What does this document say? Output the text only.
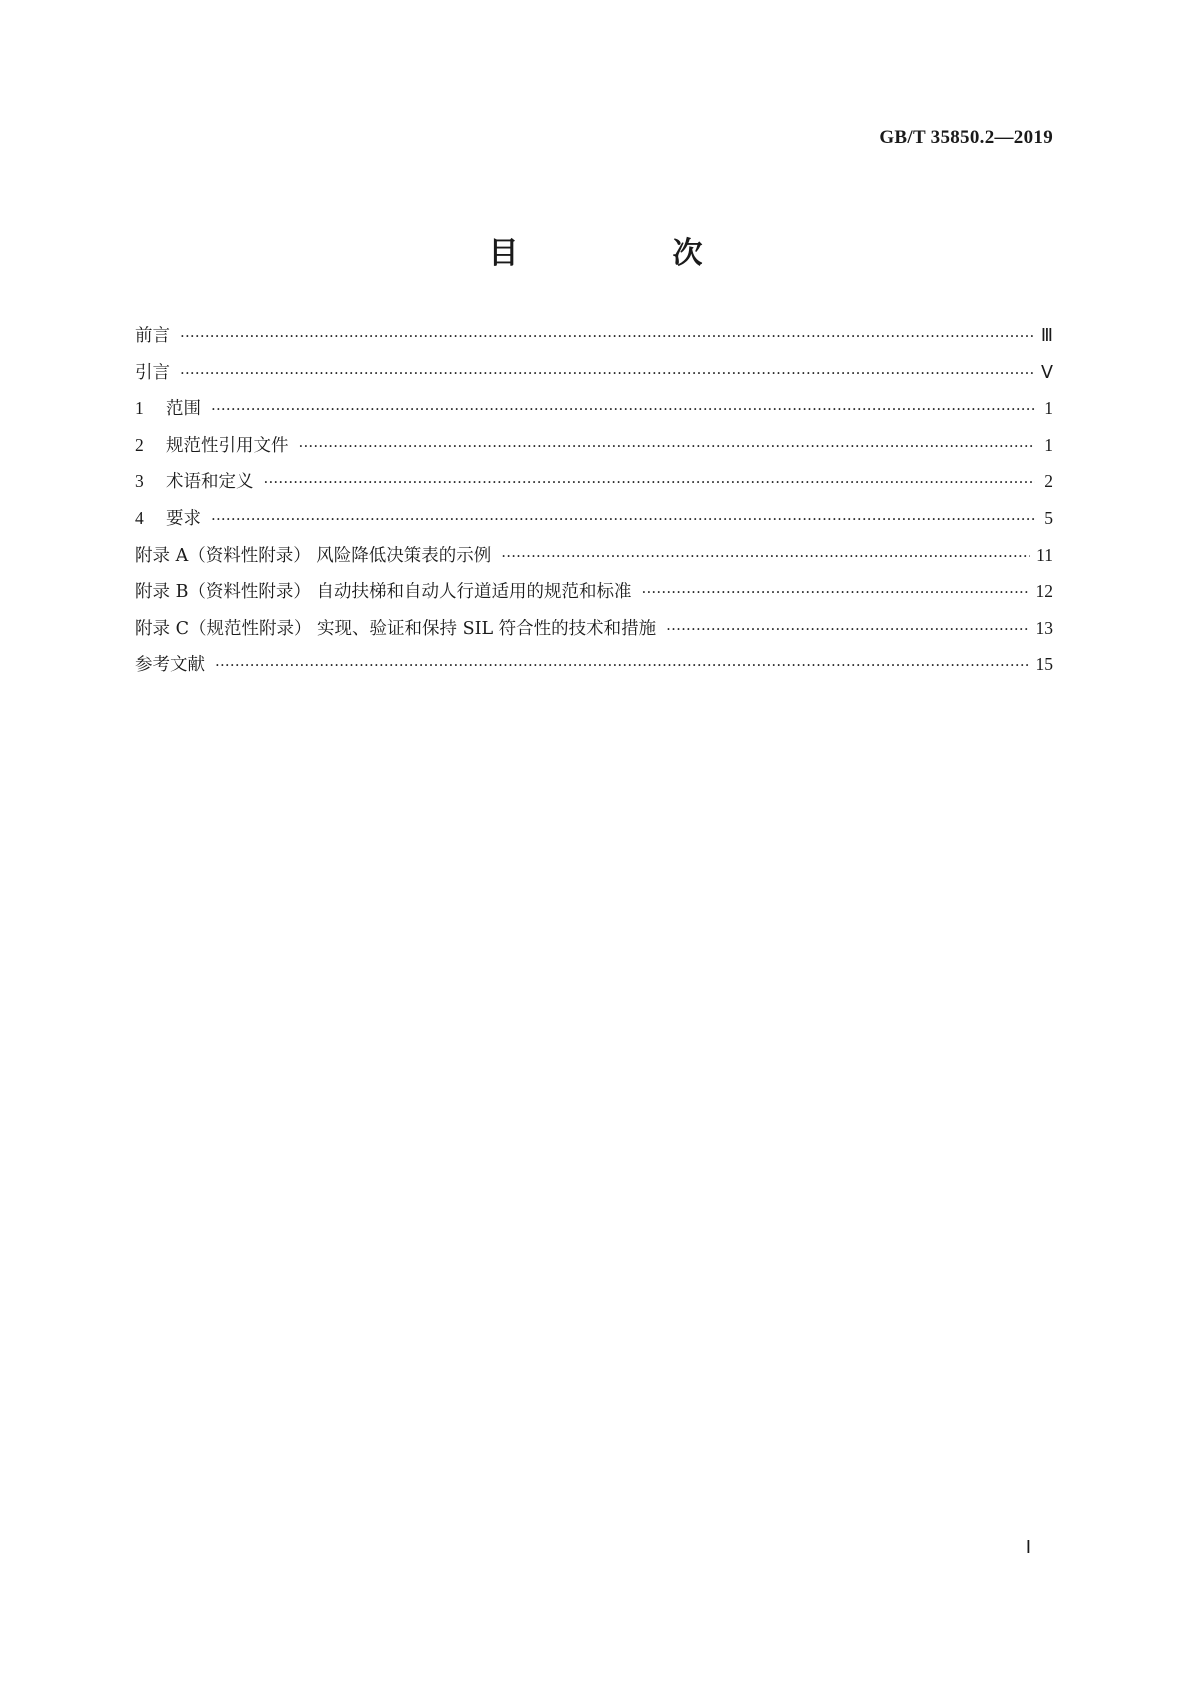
GB/T 35850.2—2019
目　次
前言 ·····	Ⅲ
引言 ·····	Ⅴ
1 范围 ·····	1
2 规范性引用文件 ·····	1
3 术语和定义 ·····	2
4 要求 ·····	5
附录 A（资料性附录） 风险降低决策表的示例 ·····	11
附录 B（资料性附录） 自动扶梯和自动人行道适用的规范和标准 ·····	12
附录 C（规范性附录） 实现、验证和保持 SIL 符合性的技术和措施 ·····	13
参考文献 ·····	15
Ⅰ
